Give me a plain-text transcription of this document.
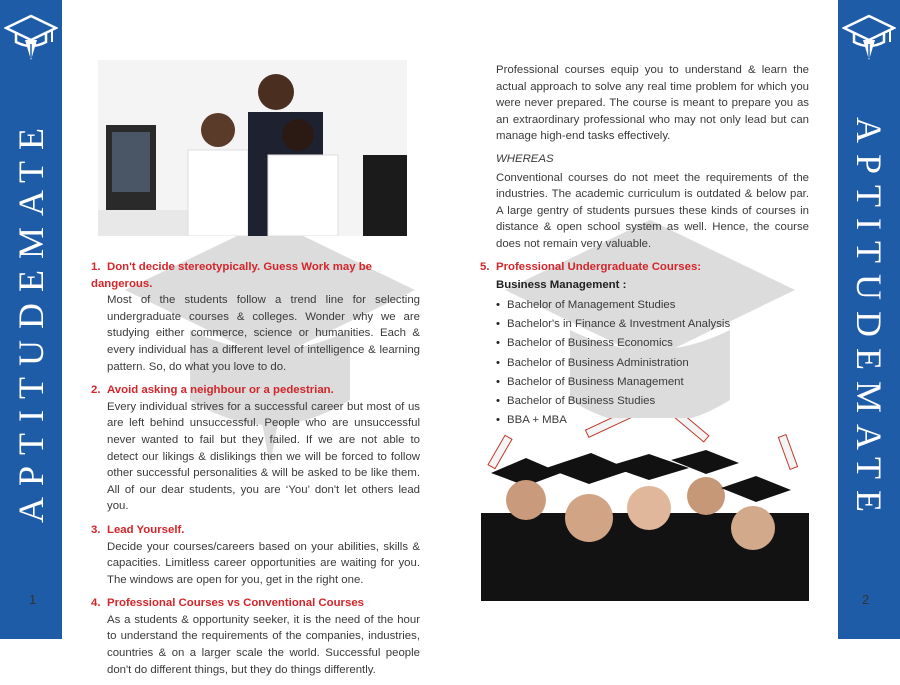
APTITUDEMATE	APTITUDEMATE
1	2
1. Don't decide stereotypically. Guess Work may be dangerous.
Most of the students follow a trend line for selecting undergraduate courses & colleges. Wonder why we are studying either commerce, science or humanities. Each & every individual has a different level of intelligence & learning pattern. So, do what you love to do.
2. Avoid asking a neighbour or a pedestrian.
Every individual strives for a successful career but most of us are left behind unsuccessful. People who are unsuccessful never wanted to fail but they failed. If we are not able to detect our likings & dislikings then we will be forced to follow other successful personalities & will be asked to be like them. All of our dear students, you are ‘You’ don't let others lead you.
3. Lead Yourself.
Decide your courses/careers based on your abilities, skills & capacities. Limitless career opportunities are waiting for you. The windows are open for you, get in the right one.
4. Professional Courses vs Conventional Courses
As a students & opportunity seeker, it is the need of the hour to understand the requirements of the companies, industries, countries & on a larger scale the world. Successful people don't do different things, but they do things differently.
Professional courses equip you to understand & learn the actual approach to solve any real time problem for which you were never prepared. The course is meant to prepare you as an extraordinary professional who may not only lead but can manage high-end tasks effectively.
WHEREAS
Conventional courses do not meet the requirements of the industries. The academic curriculum is outdated & below par. A large gentry of students pursues these kinds of courses in distance & open school system as well. Hence, the course does not remain very valuable.
5. Professional Undergraduate Courses:
Business Management :
• Bachelor of Management Studies
• Bachelor's in Finance & Investment Analysis
• Bachelor of Business Economics
• Bachelor of Business Administration
• Bachelor of Business Management
• Bachelor of Business Studies
• BBA + MBA
